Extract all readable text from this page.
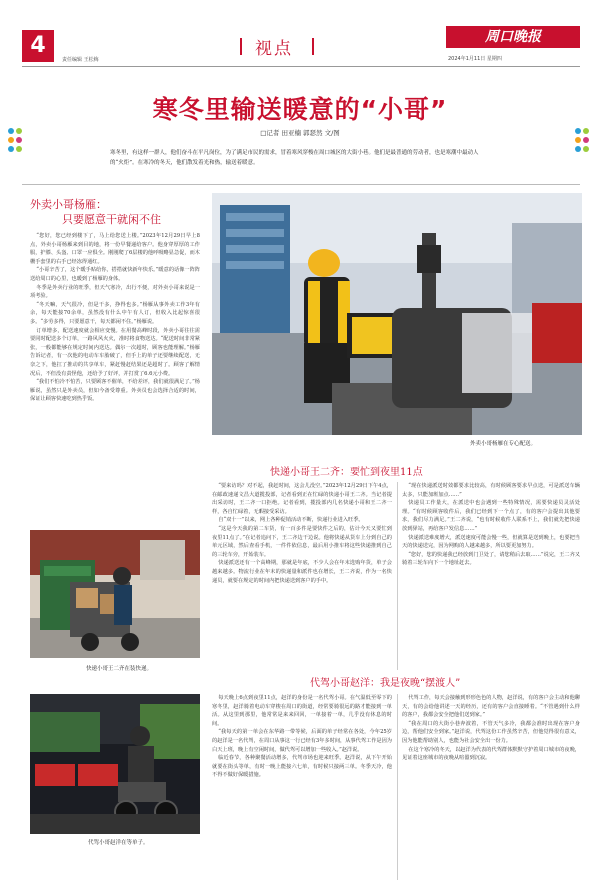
4
责任编辑 王松梅
视点
周口晚报
2024年1月11日 星期四
寒冬里输送暖意的“小哥”
□记者 田亚楠 郭瑟然 文/图
寒冬里，有这样一群人，他们奋斗在平凡岗位，为了满足市民的需求，冒着寒风穿梭在周口城区的大街小巷。他们是最普通的劳动者，也是寒潮中最动人的“火炬”。在寒冷的冬天，他们散发着光和热，输送着暖意。
外卖小哥杨雁：
只要愿意干就闲不住

“您好，您已经到楼下了，马上给您送上楼。”2023年12月29日早上8点，外卖小哥杨雁来到目的地，将一份早餐递给客户。他身穿厚厚的工作服，护膝、头盔、口罩一应俱全。刚刚爬了6层楼的他呼吸略显急促，而木栅手套里的右手已经冻得通红。

“小哥辛苦了，这个暖手贴给你，搭搭就快新年快乐。”暖意的话像一阵阵送给周口的心里，也暖到了杨雁的身体。

冬季是外卖行业的旺季，但天气寒冷，出行不便，对外卖小哥来说是一项考验。

“冬天嘛，天气很冷，但是干多，挣得也多。”杨雁从事外卖工作3年有余，每天能接70余单，虽然没有什么中午有人订，但收入比起惊喜很多。“多劳多得，只要愿意干，每天都闲不住。”杨雁说。

订单增多，配送速度就会相应变慢。在用餐高峰时段，外卖小哥往往需要同时配送多个订单，一路风风火火，准时将食物送达。“配送时间非常紧张，一般都能够在规定时间内送达。偶尔一次超时，顾客也能理解。”杨雁告诉记者，有一次他的电动车车胎破了，但手上的单子还要继续配送，无奈之下，他扛了推动的共享单车，紧赶慢赶结果还是超时了。顾客了解情况后，不但没有责怪他，还给予了好评，并打赏了6.6元小费。

“我们不怕冷不怕苦，只要顾客不催单，不给差评，我们就很满足了。”杨雁说，虽然只是外卖员，但如今备受尊重。外卖员也会选择合适的时间，保证让顾客快速吃到热乎饭。

外卖小哥杨雁在专心配送。
快递小哥王二齐：要忙到夜里11点

“要来访吗？对不起，我赶时间，这会儿没空。”2023年12月29日下午4点，在邮政速递文昌大道揽投部，记者看到正在忙碌的快递小哥王二齐。当记者提出采访时，王二齐一口拒绝。记者看到，揽投部内几名快递小哥和王二齐一样，各自忙碌着，无暇接受采访。

自“双十一”以来，网上各种促销活动不断，快递行业进入旺季。

“这是今天我的第二车货，有一百多件是要快件之后的，估计今天又要忙到夜里11点了。”在记者追问下，王二齐边干边说。他将快递从货车上分到自己的单元区域，然后查看手机，一件件依信息，最后用小推车将这些快递推到自己的三轮车旁，开始装车。

快递派送还有一个高峰期，那就是年底，不少人会在年末选购年货，单子会越来越多。物流行业在年末的快递量和派件也在增长，王二齐说，作为一名快递员，就要在规定的时间内把快递送到客户的手中。

“现在快递派送时效都要求比较高，有时候顾客要求早点送，可是派送车辆太多，只能加班加点……”

快递员工作量大，在派送中也会遇到一些特殊情况，需要快递员灵活处理。“有时候顾客收件后，我们已经到下一个点了，有的客户会提出其他要求，我们尽力满足。”王二齐说，“也有时候收件人联系不上，我们就先把快递放到驿站，再给客户发信息……”

快递派送难度增大，派送速度可能会慢一些，但就算是送到晚上，也要把当天的快递送完，因为网购的人越来越多，所以要更加努力。

“您好，您的快递我已经放到门卫处了，请您稍后去取……”说完，王二齐又骑着三轮车向下一个地址赶去。

快递小哥王二齐在装快递。
代驾小哥赵洋在等单子。
代驾小哥赵洋：我是夜晚“摆渡人”

每天晚上6点到夜里11点，赵洋的身份是一名代驾小哥。在气温低至零下的寒冬里，赵洋骑着电动车穿梭在周口的街道，经常要骑很远的路才能接到一单活。从这里到那里，他常常是来来回回，一单接着一单，几乎没有休息的时间。

“我每天的第一单会在东华路一带等候，后面的单子经常在各处，今年25岁的赵洋是一名代驾，在周口从事这一行已经有3年多时间，从事代驾工作是因为白天上班，晚上有空闲时间，做代驾可以增加一些收入。”赵洋说。

临近春节，各种聚餐活动增多，代驾市场也迎来旺季。赵洋说，从下午开始就要在街头等单，有时一晚上能接六七单，有时候只接两三单。冬季天冷，他不得不做好保暖措施。

代驾工作，每天会接触到形形色色的人物，赵洋说，有的客户会主动和他聊天，有的会给他讲述一天的经历，还有的客户会直接睡着。“不管遇到什么样的客户，我都会安全把他们送到家。”

“我在周口的大街小巷奔波着，不管天气多冷，我都会准时出现在客户身边，帮他们安全到家。”赵洋说，代驾这份工作虽然辛苦，但他觉得很有意义，因为他能帮助别人，也能为社会安全出一份力。

在这个寒冷的冬天，以赵洋为代表的代驾群体默默守护着周口城市的夜晚，见证着这座城市的夜晚从喧嚣到沉寂。
